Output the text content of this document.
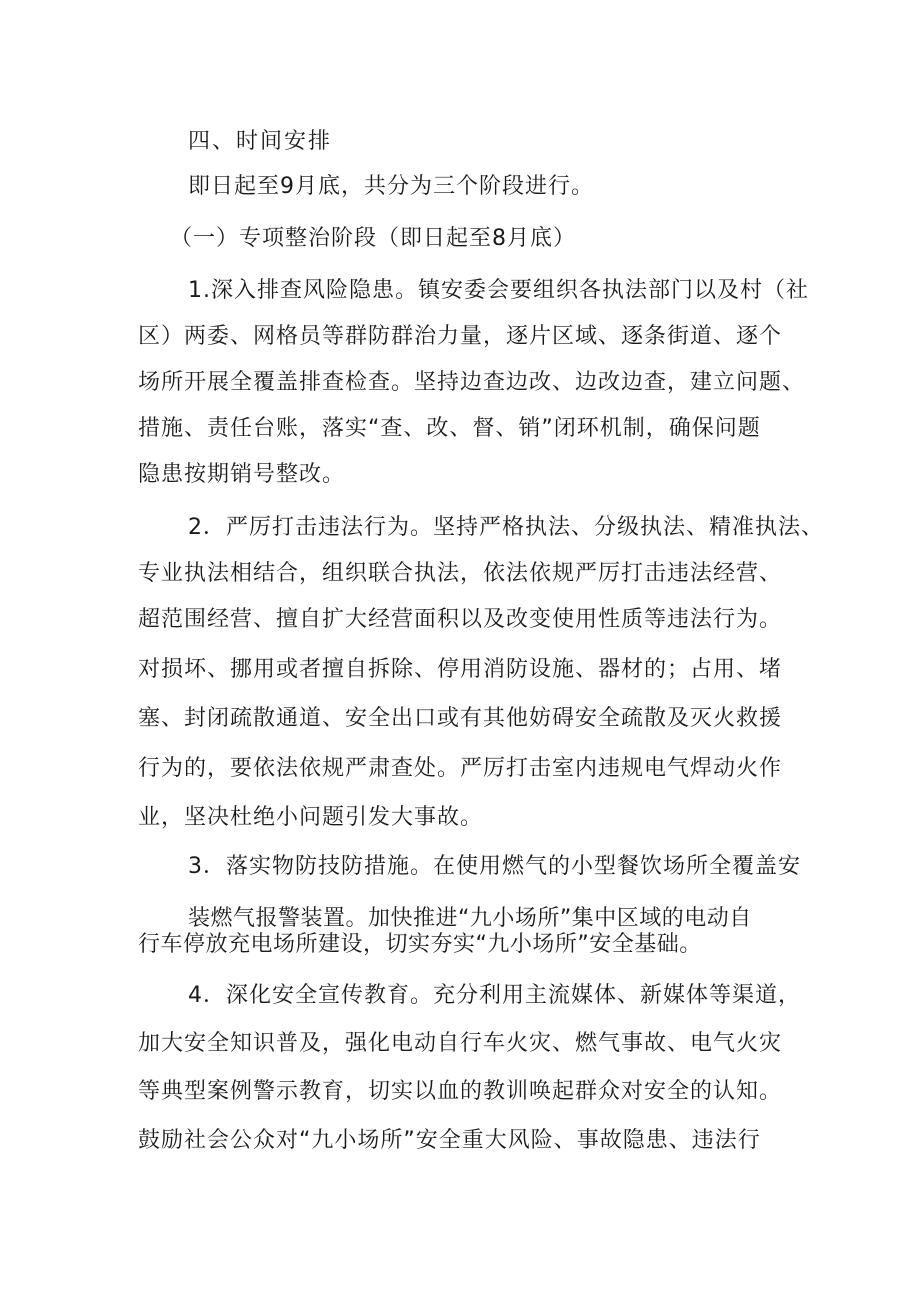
四、时间安排
即日起至9月底，共分为三个阶段进行。
（一）专项整治阶段（即日起至8月底）
1.深入排查风险隐患。镇安委会要组织各执法部门以及村（社
区）两委、网格员等群防群治力量，逐片区域、逐条街道、逐个
场所开展全覆盖排查检查。坚持边查边改、边改边查，建立问题、
措施、责任台账，落实“查、改、督、销”闭环机制，确保问题
隐患按期销号整改。
2．严厉打击违法行为。坚持严格执法、分级执法、精准执法、
专业执法相结合，组织联合执法，依法依规严厉打击违法经营、
超范围经营、擅自扩大经营面积以及改变使用性质等违法行为。
对损坏、挪用或者擅自拆除、停用消防设施、器材的；占用、堵
塞、封闭疏散通道、安全出口或有其他妨碍安全疏散及灭火救援
行为的，要依法依规严肃查处。严厉打击室内违规电气焊动火作
业，坚决杜绝小问题引发大事故。
3．落实物防技防措施。在使用燃气的小型餐饮场所全覆盖安
装燃气报警装置。加快推进“九小场所”集中区域的电动自
行车停放充电场所建设，切实夯实“九小场所”安全基础。
4．深化安全宣传教育。充分利用主流媒体、新媒体等渠道，
加大安全知识普及，强化电动自行车火灾、燃气事故、电气火灾
等典型案例警示教育，切实以血的教训唤起群众对安全的认知。
鼓励社会公众对“九小场所”安全重大风险、事故隐患、违法行
